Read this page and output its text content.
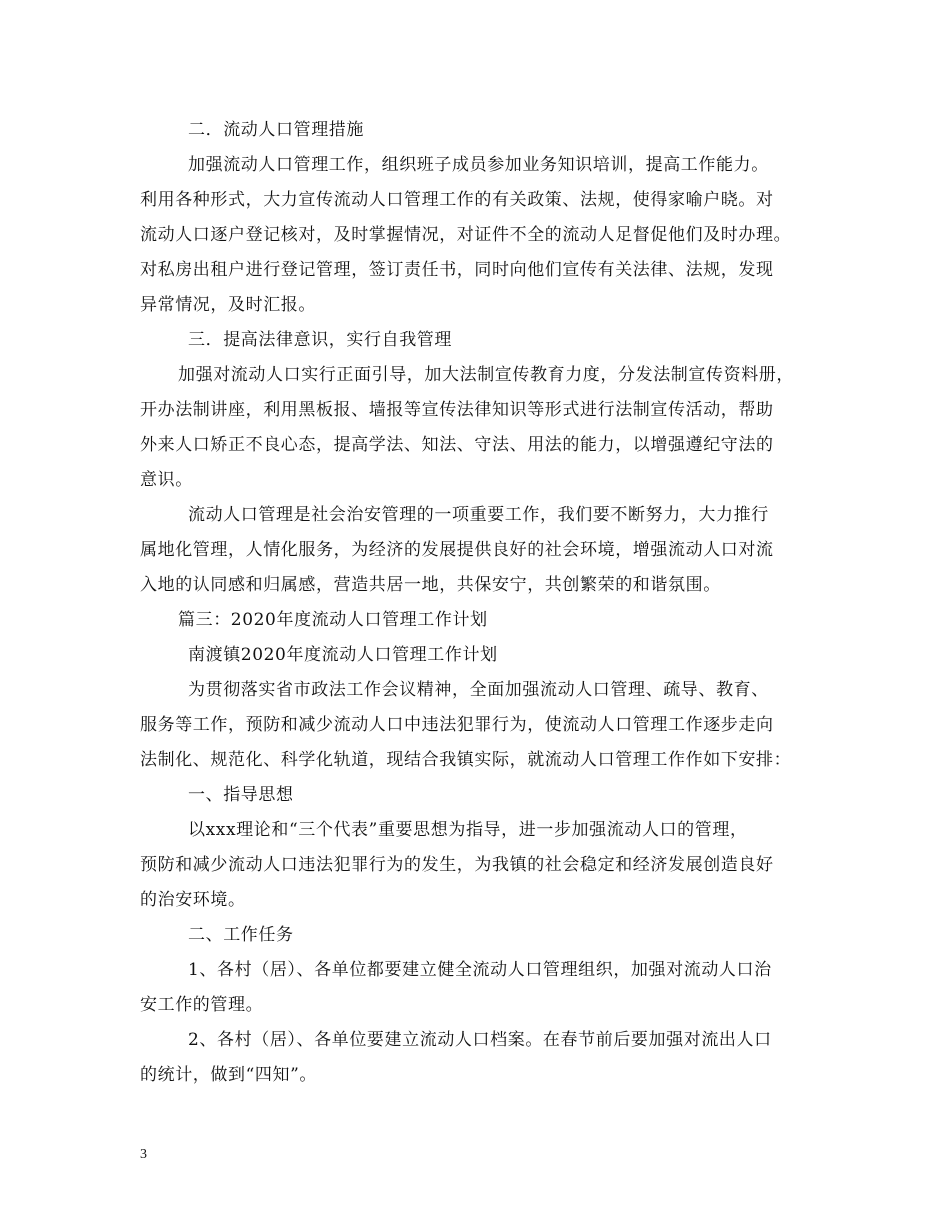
二．流动人口管理措施
加强流动人口管理工作，组织班子成员参加业务知识培训，提高工作能力。
利用各种形式，大力宣传流动人口管理工作的有关政策、法规，使得家喻户晓。对
流动人口逐户登记核对，及时掌握情况，对证件不全的流动人足督促他们及时办理。
对私房出租户进行登记管理，签订责任书，同时向他们宣传有关法律、法规，发现
异常情况，及时汇报。
三．提高法律意识，实行自我管理
加强对流动人口实行正面引导，加大法制宣传教育力度，分发法制宣传资料册，
开办法制讲座，利用黑板报、墙报等宣传法律知识等形式进行法制宣传活动，帮助
外来人口矫正不良心态，提高学法、知法、守法、用法的能力，以增强遵纪守法的
意识。
流动人口管理是社会治安管理的一项重要工作，我们要不断努力，大力推行
属地化管理，人情化服务，为经济的发展提供良好的社会环境，增强流动人口对流
入地的认同感和归属感，营造共居一地，共保安宁，共创繁荣的和谐氛围。
篇三：2020年度流动人口管理工作计划
南渡镇2020年度流动人口管理工作计划
为贯彻落实省市政法工作会议精神，全面加强流动人口管理、疏导、教育、
服务等工作，预防和减少流动人口中违法犯罪行为，使流动人口管理工作逐步走向
法制化、规范化、科学化轨道，现结合我镇实际，就流动人口管理工作作如下安排：
一、指导思想
以xxx理论和“三个代表”重要思想为指导，进一步加强流动人口的管理，
预防和减少流动人口违法犯罪行为的发生，为我镇的社会稳定和经济发展创造良好
的治安环境。
二、工作任务
1、各村（居）、各单位都要建立健全流动人口管理组织，加强对流动人口治
安工作的管理。
2、各村（居）、各单位要建立流动人口档案。在春节前后要加强对流出人口
的统计，做到“四知”。
3
